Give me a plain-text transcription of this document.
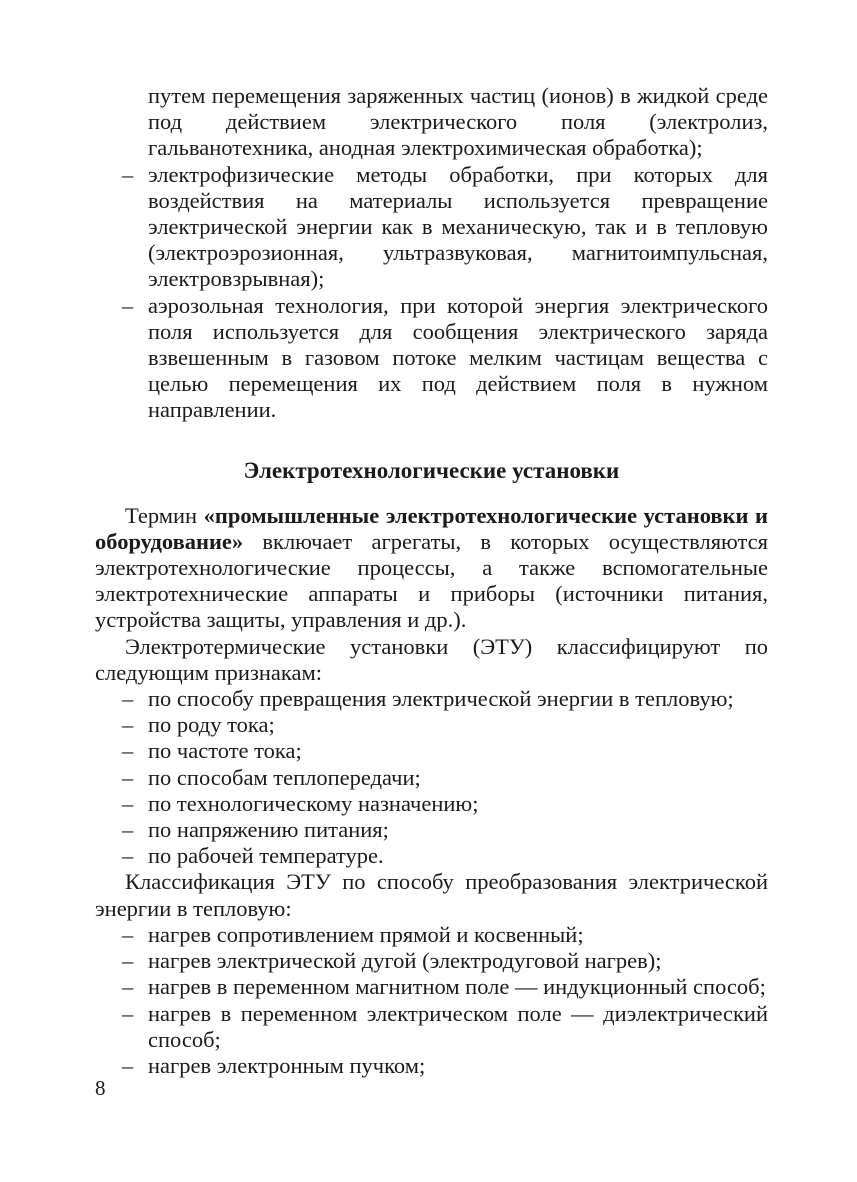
путем перемещения заряженных частиц (ионов) в жидкой среде под действием электрического поля (электролиз, гальванотехника, анодная электрохимическая обработка);

– электрофизические методы обработки, при которых для воздействия на материалы используется превращение электрической энергии как в механическую, так и в тепловую (электроэрозионная, ультразвуковая, магнитоимпульсная, электровзрывная);

– аэрозольная технология, при которой энергия электрического поля используется для сообщения электрического заряда взвешенным в газовом потоке мелким частицам вещества с целью перемещения их под действием поля в нужном направлении.

Электротехнологические установки

Термин «промышленные электротехнологические установки и оборудование» включает агрегаты, в которых осуществляются электротехнологические процессы, а также вспомогательные электротехнические аппараты и приборы (источники питания, устройства защиты, управления и др.).

Электротермические установки (ЭТУ) классифицируют по следующим признакам:

– по способу превращения электрической энергии в тепловую;

– по роду тока;

– по частоте тока;

– по способам теплопередачи;

– по технологическому назначению;

– по напряжению питания;

– по рабочей температуре.

Классификация ЭТУ по способу преобразования электрической энергии в тепловую:

– нагрев сопротивлением прямой и косвенный;

– нагрев электрической дугой (электродуговой нагрев);

– нагрев в переменном магнитном поле — индукционный способ;

– нагрев в переменном электрическом поле — диэлектрический способ;

– нагрев электронным пучком;

8
